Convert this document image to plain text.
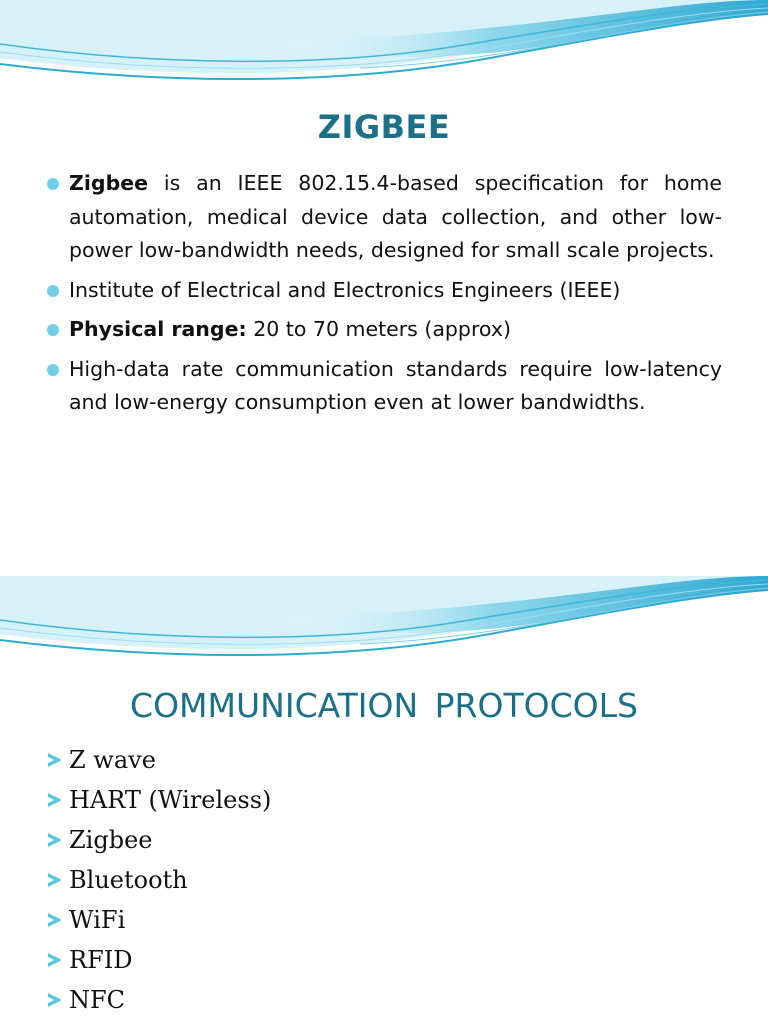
ZIGBEE
Zigbee is an IEEE 802.15.4-based specification for home automation, medical device data collection, and other low-power low-bandwidth needs, designed for small scale projects.
Institute of Electrical and Electronics Engineers (IEEE)
Physical range: 20 to 70 meters (approx)
High-data rate communication standards require low-latency and low-energy consumption even at lower bandwidths.
COMMUNICATION PROTOCOLS
Z wave
HART (Wireless)
Zigbee
Bluetooth
WiFi
RFID
NFC
